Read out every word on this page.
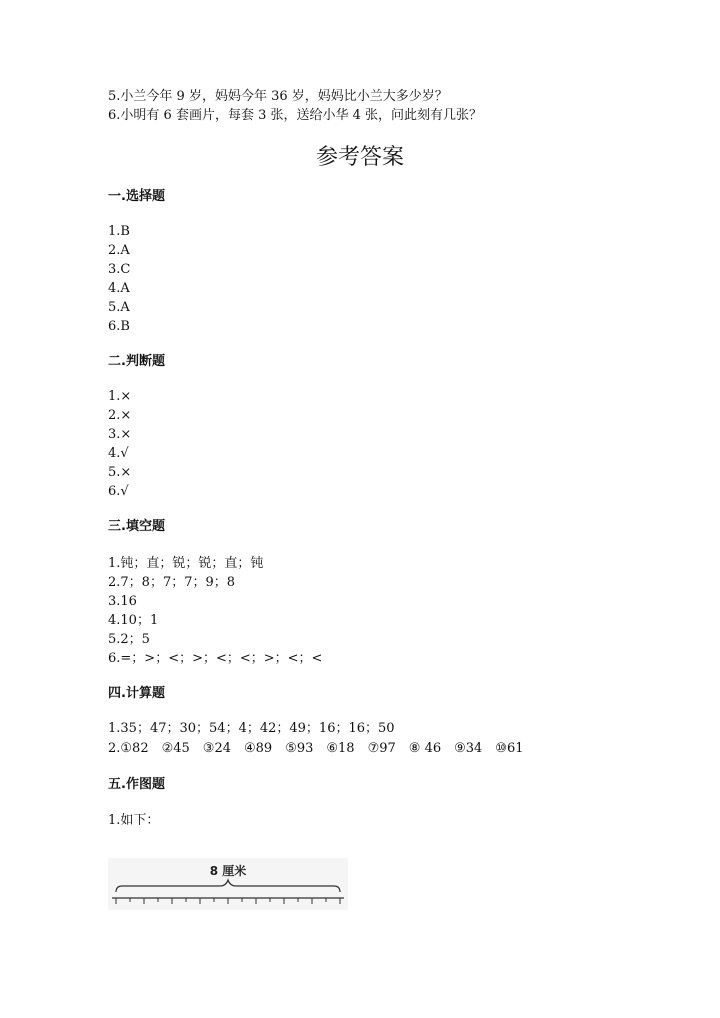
5.小兰今年 9 岁，妈妈今年 36 岁，妈妈比小兰大多少岁？
6.小明有 6 套画片，每套 3 张，送给小华 4 张，问此刻有几张？
参考答案
一.选择题
1.B
2.A
3.C
4.A
5.A
6.B
二.判断题
1.×
2.×
3.×
4.√
5.×
6.√
三.填空题
1.钝；直；锐；锐；直；钝
2.7；8；7；7；9；8
3.16
4.10；1
5.2；5
6.=；>；<；>；<；<；>；<；<
四.计算题
1.35；47；30；54；4；42；49；16；16；50
2.①82　②45　③24　④89　⑤93　⑥18　⑦97　⑧ 46　⑨34　⑩61
五.作图题
1.如下：
8 厘米
